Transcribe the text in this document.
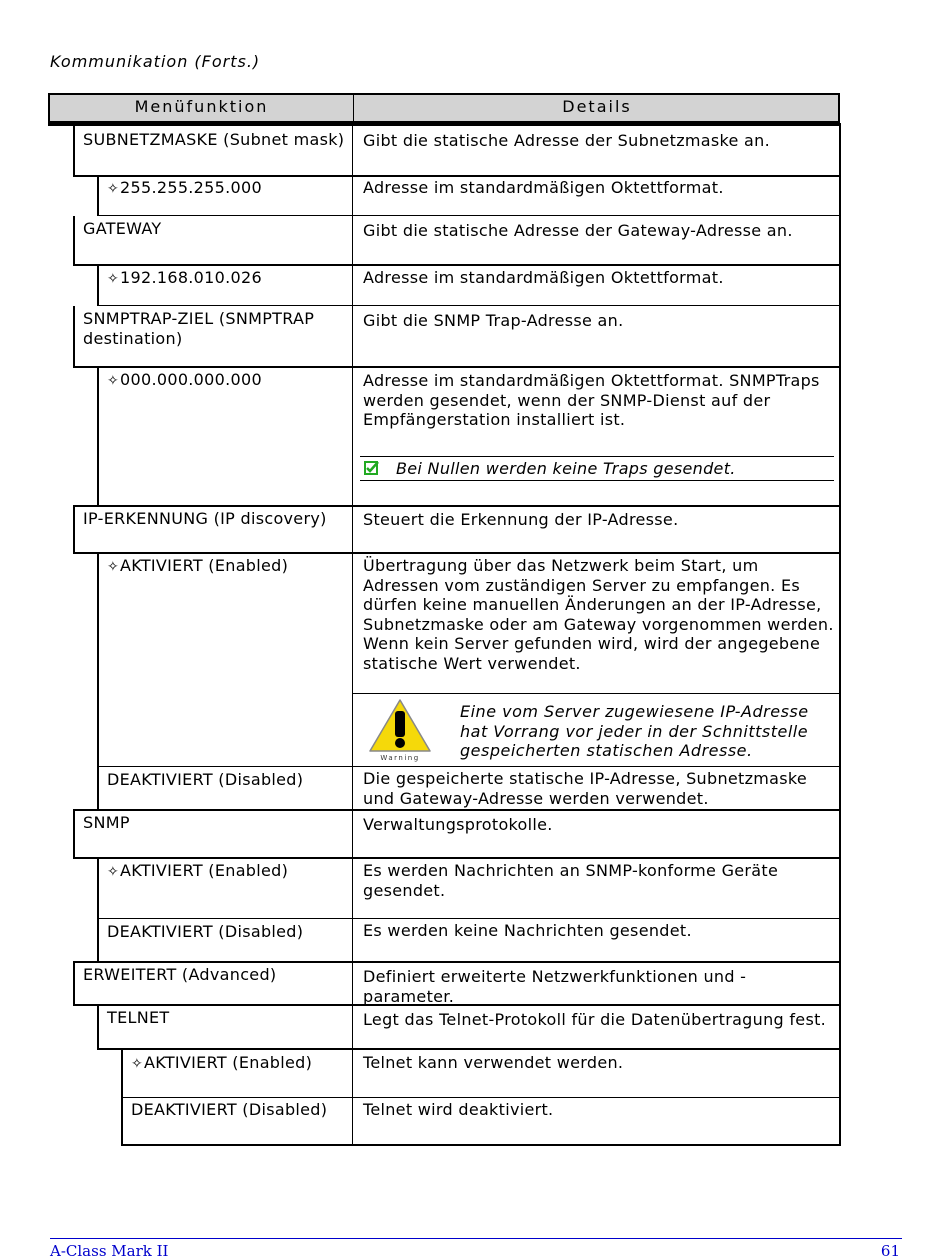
Kommunikation (Forts.)
Menüfunktion	Details
SUBNETZMASKE (Subnet mask)
✧255.255.255.000
GATEWAY
✧192.168.010.026
SNMPTRAP-ZIEL (SNMPTRAP destination)
✧000.000.000.000
IP-ERKENNUNG (IP discovery)
✧AKTIVIERT (Enabled)
DEAKTIVIERT (Disabled)
SNMP
✧AKTIVIERT (Enabled)
DEAKTIVIERT (Disabled)
ERWEITERT (Advanced)
TELNET
✧AKTIVIERT (Enabled)
DEAKTIVIERT (Disabled)
Gibt die statische Adresse der Subnetzmaske an.
Adresse im standardmäßigen Oktettformat.
Gibt die statische Adresse der Gateway-Adresse an.
Adresse im standardmäßigen Oktettformat.
Gibt die SNMP Trap-Adresse an.
Adresse im standardmäßigen Oktettformat. SNMPTraps werden gesendet, wenn der SNMP-Dienst auf der Empfängerstation installiert ist.
Bei Nullen werden keine Traps gesendet.
Steuert die Erkennung der IP-Adresse.
Übertragung über das Netzwerk beim Start, um Adressen vom zuständigen Server zu empfangen. Es dürfen keine manuellen Änderungen an der IP-Adresse, Subnetzmaske oder am Gateway vorgenommen werden. Wenn kein Server gefunden wird, wird der angegebene statische Wert verwendet.
Warning
Eine vom Server zugewiesene IP-Adresse hat Vorrang vor jeder in der Schnittstelle gespeicherten statischen Adresse.
Die gespeicherte statische IP-Adresse, Subnetzmaske und Gateway-Adresse werden verwendet.
Verwaltungsprotokolle.
Es werden Nachrichten an SNMP-konforme Geräte gesendet.
Es werden keine Nachrichten gesendet.
Definiert erweiterte Netzwerkfunktionen und -parameter.
Legt das Telnet-Protokoll für die Datenübertragung fest.
Telnet kann verwendet werden.
Telnet wird deaktiviert.
A-Class Mark II	61
